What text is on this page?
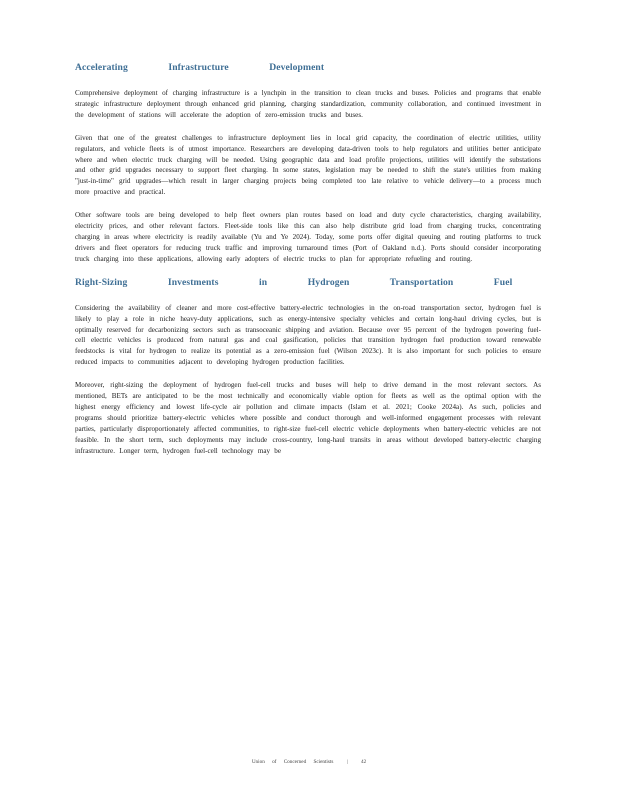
Accelerating Infrastructure Development

Comprehensive deployment of charging infrastructure is a lynchpin in the transition to clean trucks and buses. Policies and programs that enable strategic infrastructure deployment through enhanced grid planning, charging standardization, community collaboration, and continued investment in the development of stations will accelerate the adoption of zero-emission trucks and buses.

Given that one of the greatest challenges to infrastructure deployment lies in local grid capacity, the coordination of electric utilities, utility regulators, and vehicle fleets is of utmost importance. Researchers are developing data-driven tools to help regulators and utilities better anticipate where and when electric truck charging will be needed. Using geographic data and load profile projections, utilities will identify the substations and other grid upgrades necessary to support fleet charging. In some states, legislation may be needed to shift the state's utilities from making "just-in-time" grid upgrades—which result in larger charging projects being completed too late relative to vehicle delivery—to a process much more proactive and practical.

Other software tools are being developed to help fleet owners plan routes based on load and duty cycle characteristics, charging availability, electricity prices, and other relevant factors. Fleet-side tools like this can also help distribute grid load from charging trucks, concentrating charging in areas where electricity is readily available (Yu and Ye 2024). Today, some ports offer digital queuing and routing platforms to truck drivers and fleet operators for reducing truck traffic and improving turnaround times (Port of Oakland n.d.). Ports should consider incorporating truck charging into these applications, allowing early adopters of electric trucks to plan for appropriate refueling and routing.

Right-Sizing Investments in Hydrogen Transportation Fuel

Considering the availability of cleaner and more cost-effective battery-electric technologies in the on-road transportation sector, hydrogen fuel is likely to play a role in niche heavy-duty applications, such as energy-intensive specialty vehicles and certain long-haul driving cycles, but is optimally reserved for decarbonizing sectors such as transoceanic shipping and aviation. Because over 95 percent of the hydrogen powering fuel-cell electric vehicles is produced from natural gas and coal gasification, policies that transition hydrogen fuel production toward renewable feedstocks is vital for hydrogen to realize its potential as a zero-emission fuel (Wilson 2023c). It is also important for such policies to ensure reduced impacts to communities adjacent to developing hydrogen production facilities.

Moreover, right-sizing the deployment of hydrogen fuel-cell trucks and buses will help to drive demand in the most relevant sectors. As mentioned, BETs are anticipated to be the most technically and economically viable option for fleets as well as the optimal option with the highest energy efficiency and lowest life-cycle air pollution and climate impacts (Islam et al. 2021; Cooke 2024a). As such, policies and programs should prioritize battery-electric vehicles where possible and conduct thorough and well-informed engagement processes with relevant parties, particularly disproportionately affected communities, to right-size fuel-cell electric vehicle deployments when battery-electric vehicles are not feasible. In the short term, such deployments may include cross-country, long-haul transits in areas without developed battery-electric charging infrastructure. Longer term, hydrogen fuel-cell technology may be

Union of Concerned Scientists	|	42
